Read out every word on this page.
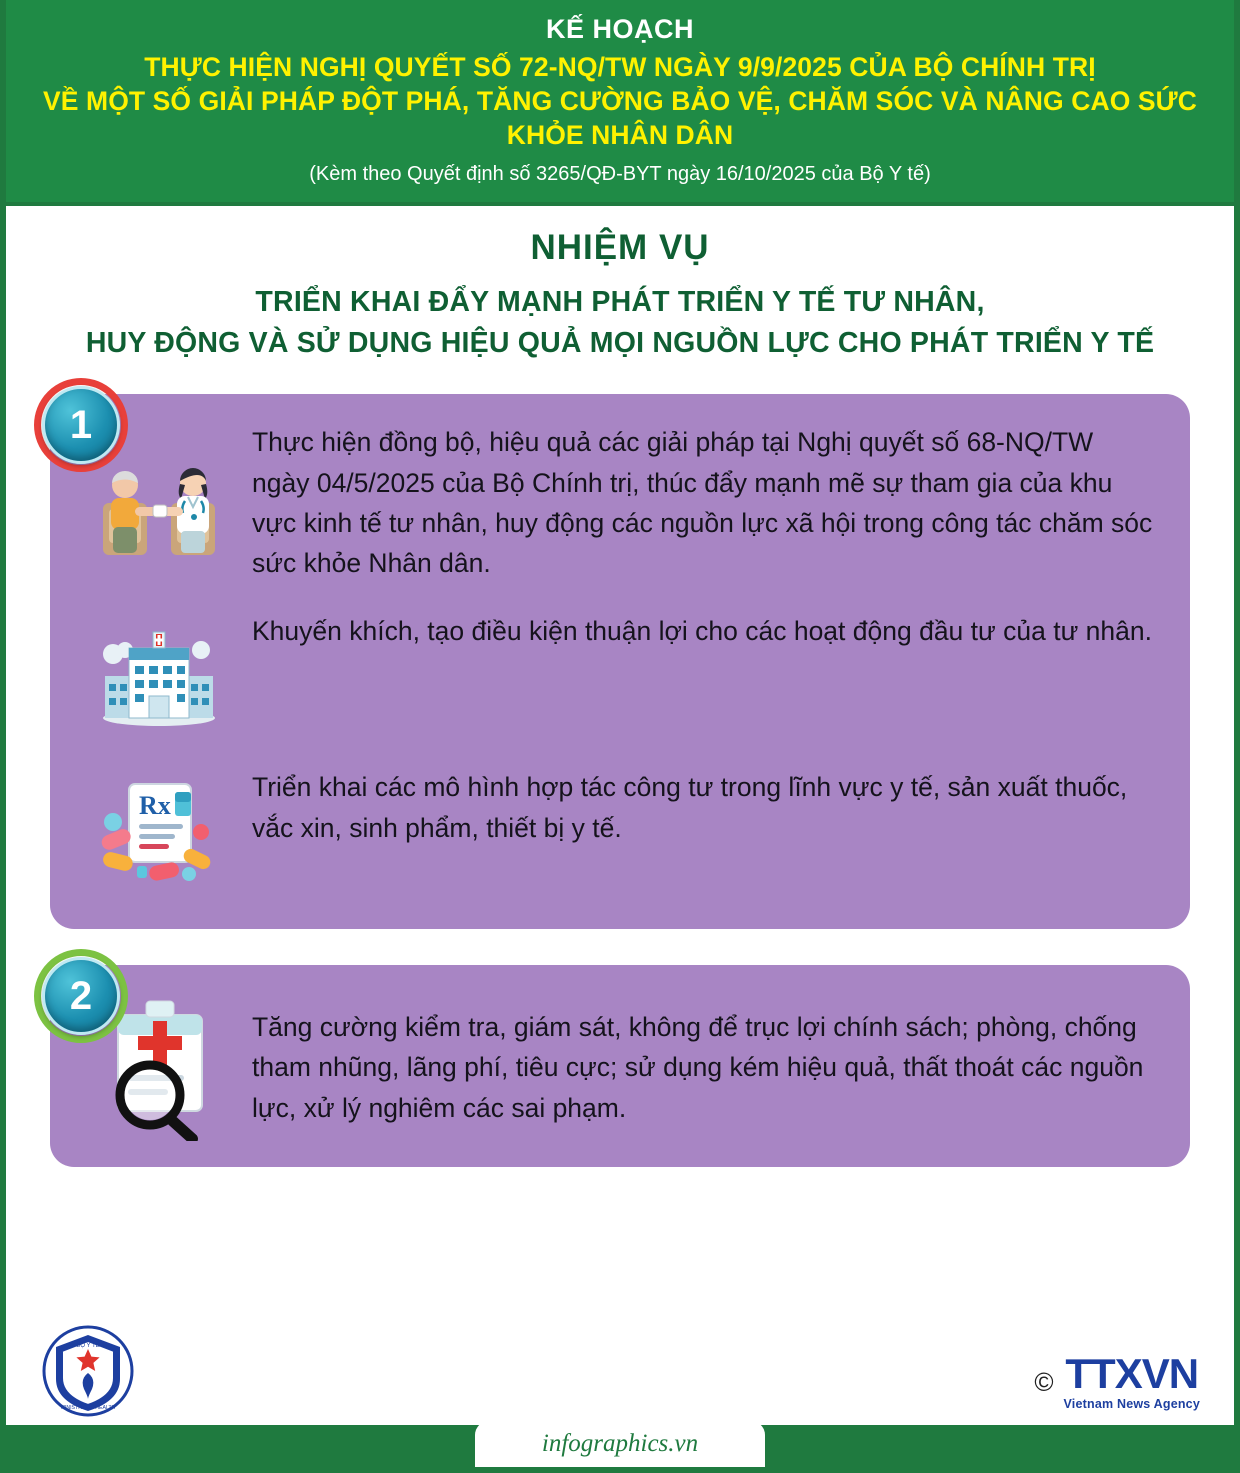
KẾ HOẠCH
THỰC HIỆN NGHỊ QUYẾT SỐ 72-NQ/TW NGÀY 9/9/2025 CỦA BỘ CHÍNH TRỊ
VỀ MỘT SỐ GIẢI PHÁP ĐỘT PHÁ, TĂNG CƯỜNG BẢO VỆ, CHĂM SÓC VÀ NÂNG CAO SỨC KHỎE NHÂN DÂN
(Kèm theo Quyết định số 3265/QĐ-BYT ngày 16/10/2025 của Bộ Y tế)
NHIỆM VỤ
TRIỂN KHAI ĐẨY MẠNH PHÁT TRIỂN Y TẾ TƯ NHÂN,
HUY ĐỘNG VÀ SỬ DỤNG HIỆU QUẢ MỌI NGUỒN LỰC CHO PHÁT TRIỂN Y TẾ
1	Thực hiện đồng bộ, hiệu quả các giải pháp tại Nghị quyết số 68-NQ/TW ngày 04/5/2025 của Bộ Chính trị, thúc đẩy mạnh mẽ sự tham gia của khu vực kinh tế tư nhân, huy động các nguồn lực xã hội trong công tác chăm sóc sức khỏe Nhân dân.
Khuyến khích, tạo điều kiện thuận lợi cho các hoạt động đầu tư của tư nhân.
Rx
Triển khai các mô hình hợp tác công tư trong lĩnh vực y tế, sản xuất thuốc, vắc xin, sinh phẩm, thiết bị y tế.
2
Tăng cường kiểm tra, giám sát, không để trục lợi chính sách; phòng, chống tham nhũng, lãng phí, tiêu cực; sử dụng kém hiệu quả, thất thoát các nguồn lực, xử lý nghiêm các sai phạm.
BỘ Y TẾ
MINISTRY OF HEALTH
© TTXVN
Vietnam News Agency
infographics.vn
